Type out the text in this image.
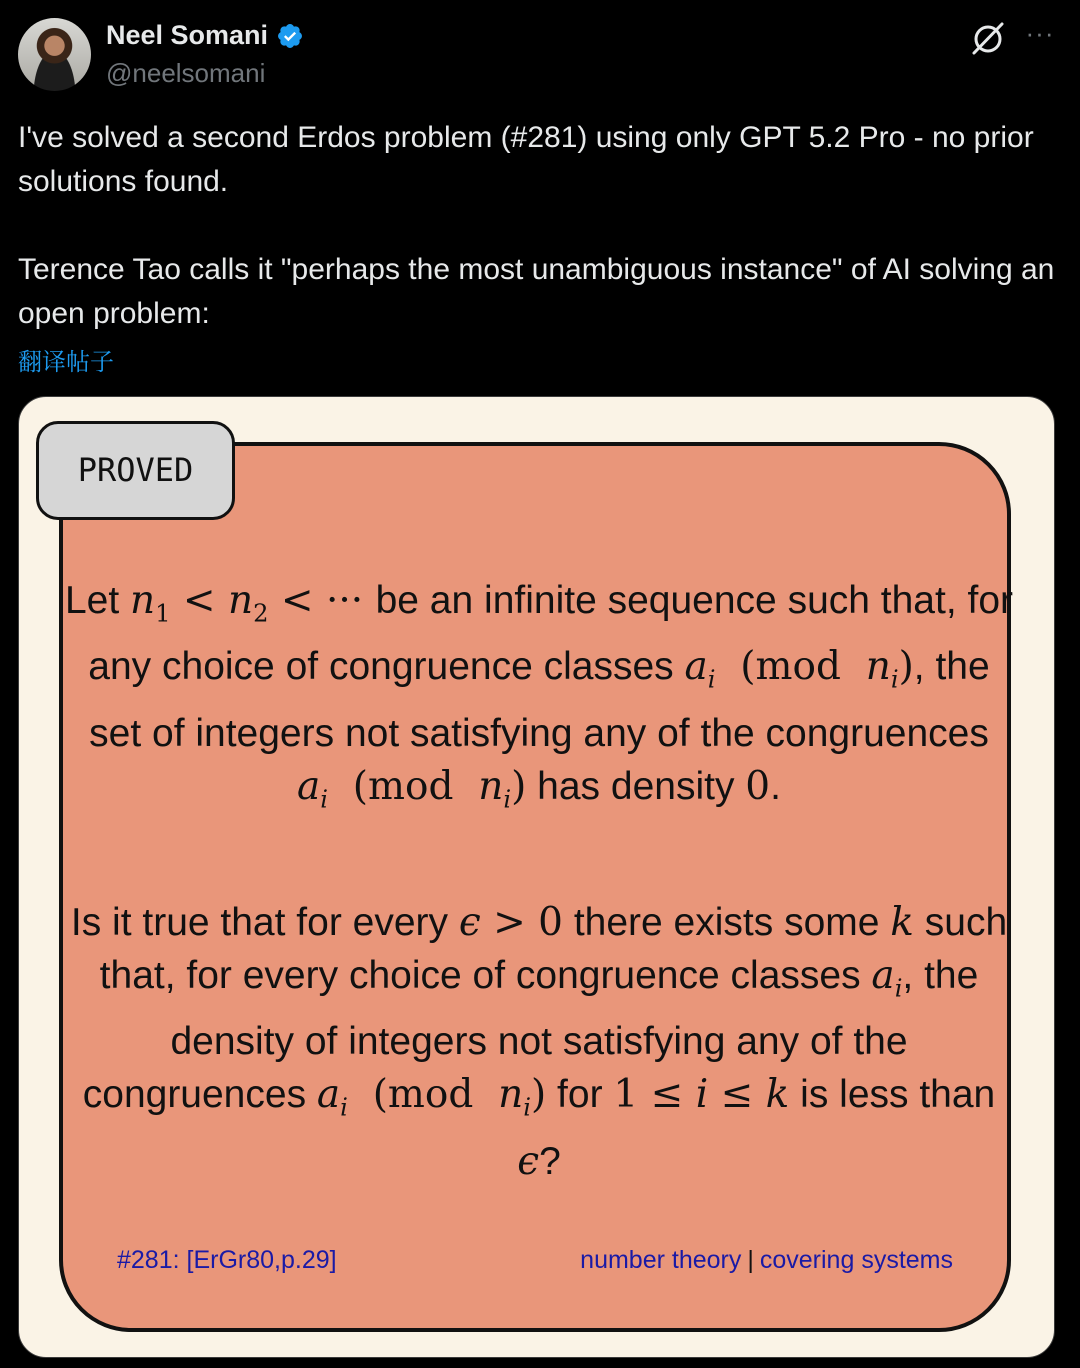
Neel Somani
@neelsomani
···

I've solved a second Erdos problem (#281) using only GPT 5.2 Pro - no prior solutions found.

Terence Tao calls it "perhaps the most unambiguous instance" of AI solving an open problem:

翻译帖子
Let $n_1 < n_2$ < ··· be an infinite sequence such that, for any choice of congruence classes $a_i$  (mod  $n_i$), the set of integers not satisfying any of the congruences $a_i$  (mod  $n_i$) has density 0.
Is it true that for every ϵ > 0 there exists some k such that, for every choice of congruence classes $a_i$, the density of integers not satisfying any of the congruences $a_i$  (mod  $n_i$) for 1 ≤ i ≤ k is less than ϵ?
#281: [ErGr80,p.29]	number theory | covering systems
PROVED
